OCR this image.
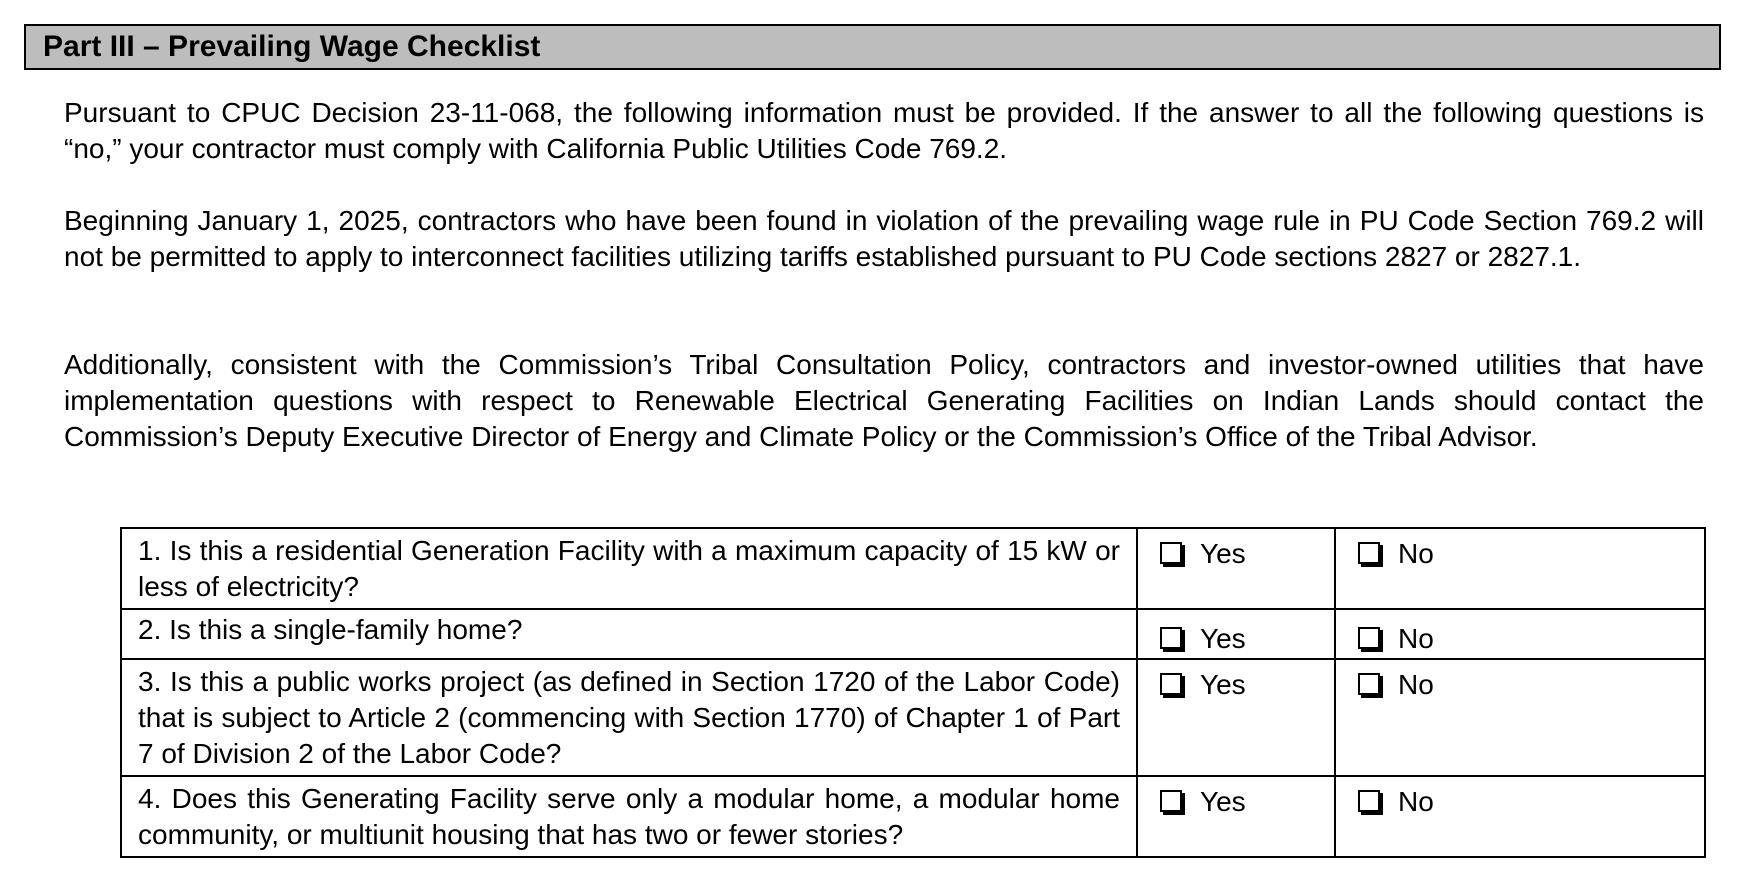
Part III – Prevailing Wage Checklist

Pursuant to CPUC Decision 23-11-068, the following information must be provided. If the answer to all the following questions is “no,” your contractor must comply with California Public Utilities Code 769.2.

Beginning January 1, 2025, contractors who have been found in violation of the prevailing wage rule in PU Code Section 769.2 will not be permitted to apply to interconnect facilities utilizing tariffs established pursuant to PU Code sections 2827 or 2827.1.

Additionally, consistent with the Commission’s Tribal Consultation Policy, contractors and investor-owned utilities that have implementation questions with respect to Renewable Electrical Generating Facilities on Indian Lands should contact the Commission’s Deputy Executive Director of Energy and Climate Policy or the Commission’s Office of the Tribal Advisor.

1. Is this a residential Generation Facility with a maximum capacity of 15 kW or less of electricity?	Yes	No

2. Is this a single-family home?	Yes	No

3. Is this a public works project (as defined in Section 1720 of the Labor Code) that is subject to Article 2 (commencing with Section 1770) of Chapter 1 of Part 7 of Division 2 of the Labor Code?	Yes	No

4. Does this Generating Facility serve only a modular home, a modular home community, or multiunit housing that has two or fewer stories?	Yes	No
